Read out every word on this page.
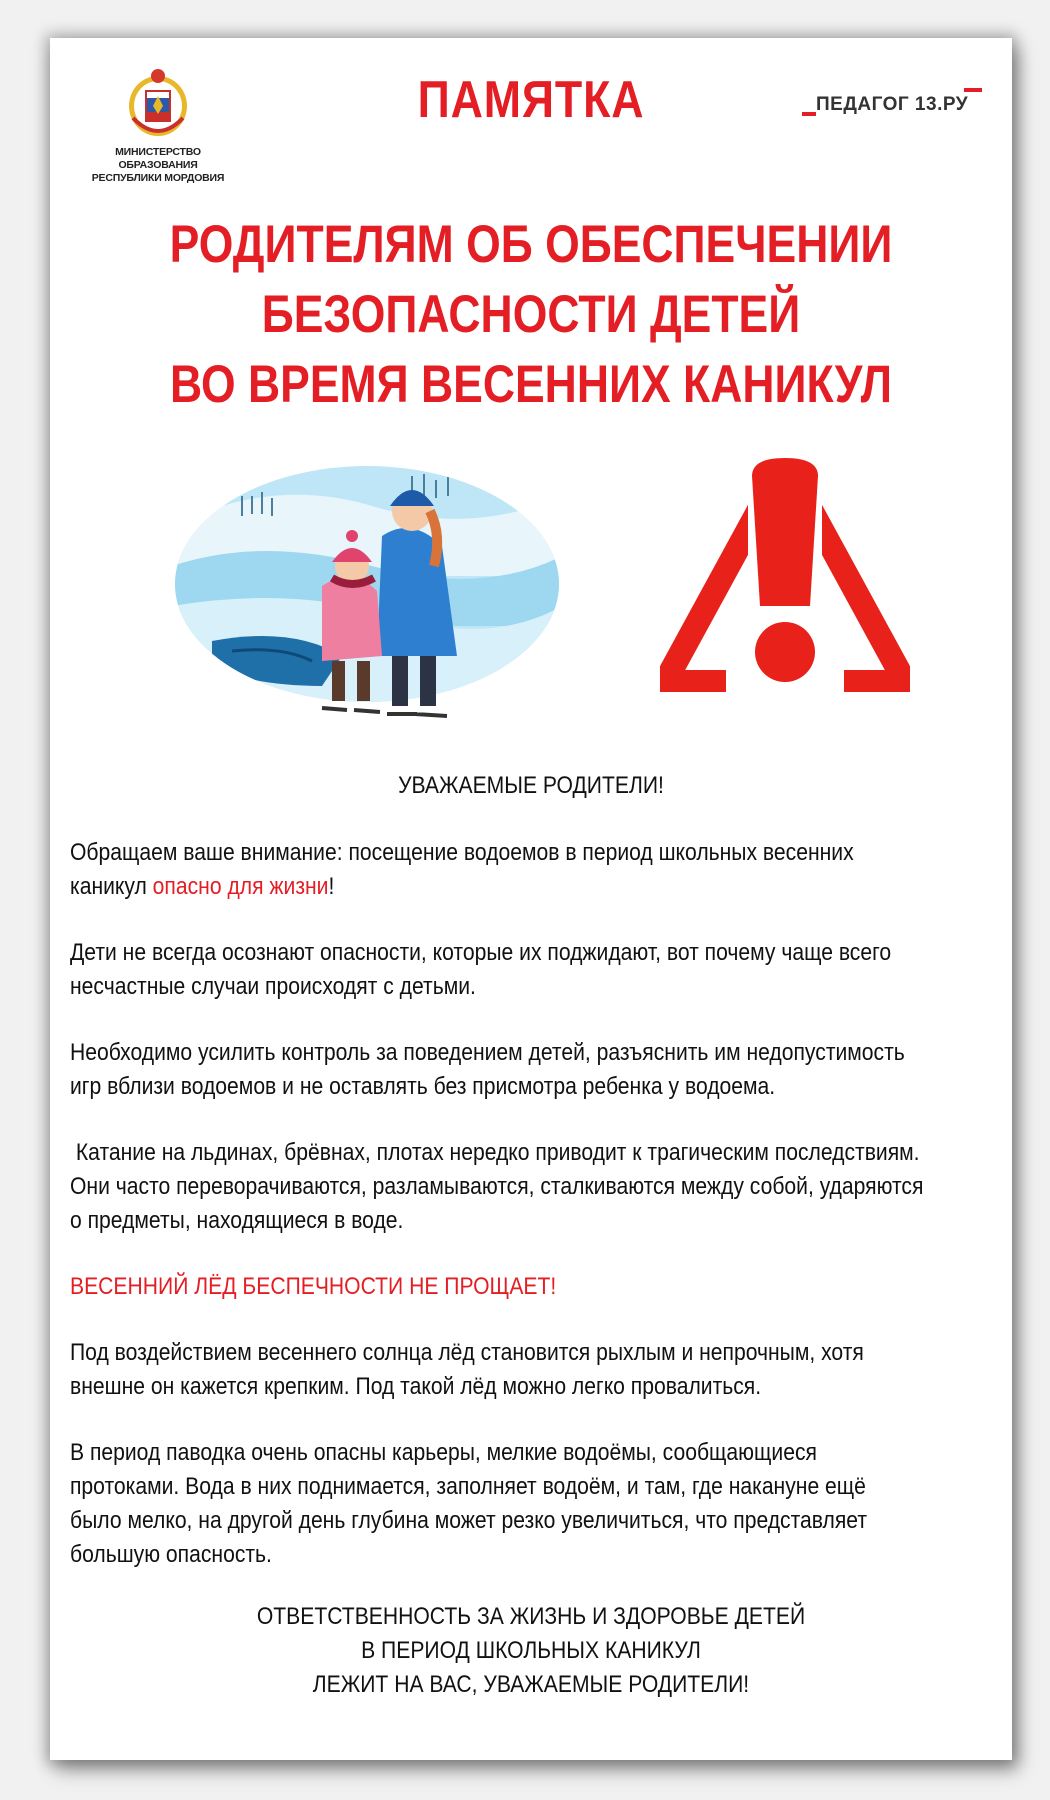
МИНИСТЕРСТВО ОБРАЗОВАНИЯ
РЕСПУБЛИКИ МОРДОВИЯ
ПАМЯТКА	ПЕДАГОГ 13.РУ
РОДИТЕЛЯМ ОБ ОБЕСПЕЧЕНИИ
БЕЗОПАСНОСТИ ДЕТЕЙ
ВО ВРЕМЯ ВЕСЕННИХ КАНИКУЛ
УВАЖАЕМЫЕ РОДИТЕЛИ!
Обращаем ваше внимание: посещение водоемов в период школьных весенних
каникул опасно для жизни!
Дети не всегда осознают опасности, которые их поджидают, вот почему чаще всего
несчастные случаи происходят с детьми.
Необходимо усилить контроль за поведением детей, разъяснить им недопустимость
игр вблизи водоемов и не оставлять без присмотра ребенка у водоема.
Катание на льдинах, брёвнах, плотах нередко приводит к трагическим последствиям.
Они часто переворачиваются, разламываются, сталкиваются между собой, ударяются
о предметы, находящиеся в воде.
ВЕСЕННИЙ ЛЁД БЕСПЕЧНОСТИ НЕ ПРОЩАЕТ!
Под воздействием весеннего солнца лёд становится рыхлым и непрочным, хотя
внешне он кажется крепким. Под такой лёд можно легко провалиться.
В период паводка очень опасны карьеры, мелкие водоёмы, сообщающиеся
протоками. Вода в них поднимается, заполняет водоём, и там, где накануне ещё
было мелко, на другой день глубина может резко увеличиться, что представляет
большую опасность.
ОТВЕТСТВЕННОСТЬ ЗА ЖИЗНЬ И ЗДОРОВЬЕ ДЕТЕЙ
В ПЕРИОД ШКОЛЬНЫХ КАНИКУЛ
ЛЕЖИТ НА ВАС, УВАЖАЕМЫЕ РОДИТЕЛИ!
